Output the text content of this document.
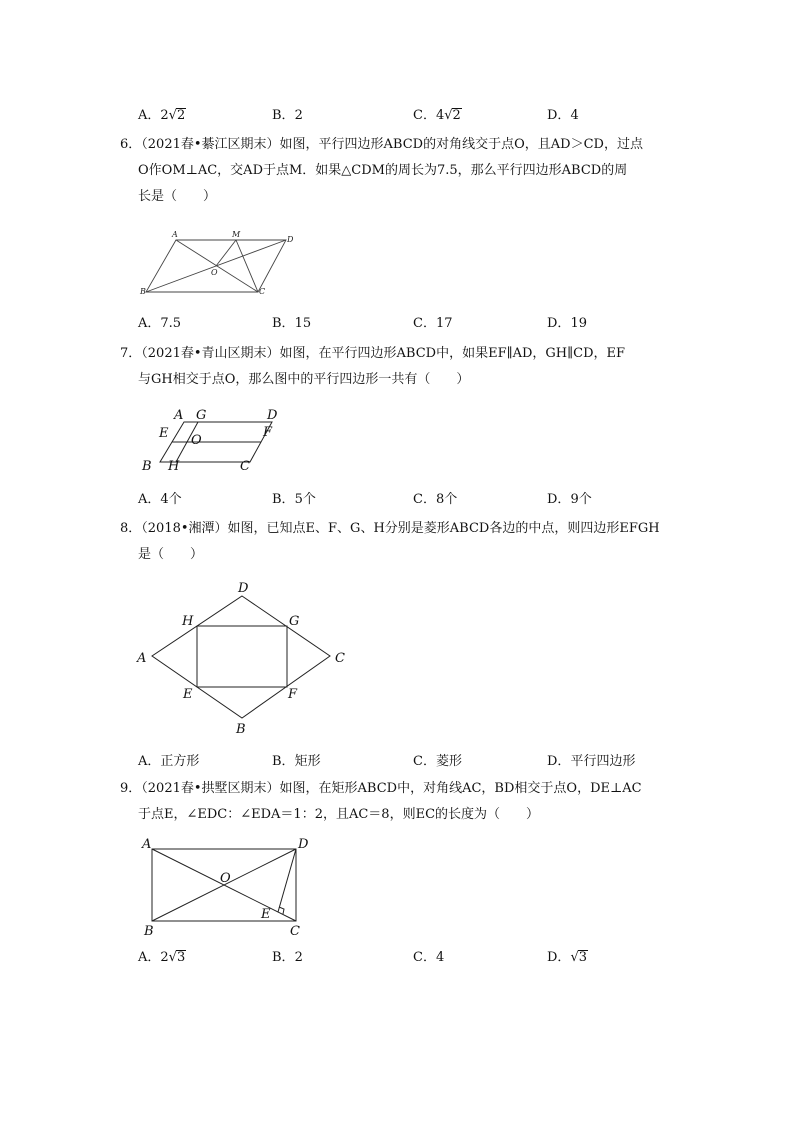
A．2√2	B．2	C．4√2	D．4
6．（2021春•綦江区期末）如图，平行四边形ABCD的对角线交于点O，且AD＞CD，过点
O作OM⊥AC，交AD于点M．如果△CDM的周长为7.5，那么平行四边形ABCD的周
长是（　　）
A	M
D
O
B	C
A．7.5	B．15	C．17	D．19
7．（2021春•青山区期末）如图，在平行四边形ABCD中，如果EF∥AD，GH∥CD，EF
与GH相交于点O，那么图中的平行四边形一共有（　　）
A G	D
E O
F
B H	C
A．4个	B．5个	C．8个	D．9个
8．（2018•湘潭）如图，已知点E、F、G、H分别是菱形ABCD各边的中点，则四边形EFGH
是（　　）
D
H	G
A	C
E	F
B
A．正方形	B．矩形	C．菱形	D．平行四边形
9．（2021春•拱墅区期末）如图，在矩形ABCD中，对角线AC，BD相交于点O，DE⊥AC
于点E，∠EDC：∠EDA＝1：2，且AC＝8，则EC的长度为（　　）
A	D
O
E
B	C
A．2√3	B．2	C．4	D．√3
